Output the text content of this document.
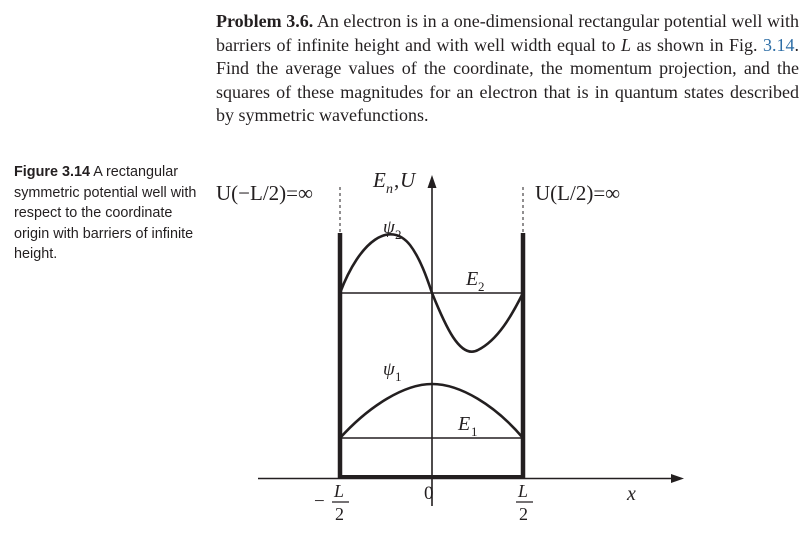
Problem 3.6. An electron is in a one-dimensional rectangular potential well with barriers of infinite height and with well width equal to L as shown in Fig. 3.14. Find the average values of the coordinate, the momentum projection, and the squares of these magnitudes for an electron that is in quantum states described by symmetric wavefunctions.
Figure 3.14 A rectangular symmetric potential well with respect to the coordinate origin with barriers of infinite height.
U(−L/2)=∞	U(L/2)=∞
E n , U
ψ 2
ψ 1
E 2
E 1
x
0
− L
2
L
2
